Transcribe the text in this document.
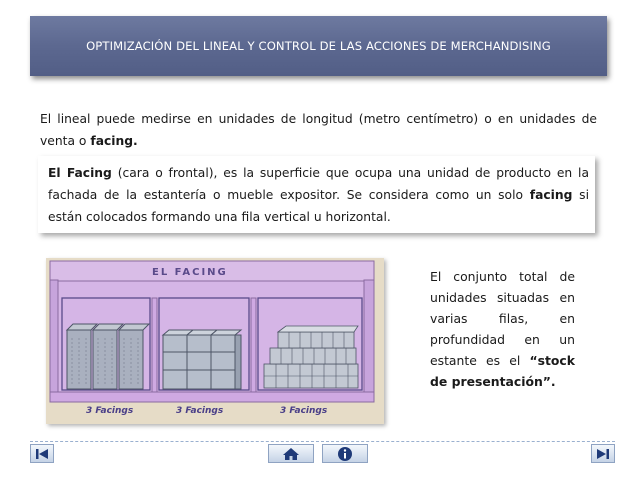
OPTIMIZACIÓN DEL LINEAL Y CONTROL DE LAS ACCIONES DE MERCHANDISING

El lineal puede medirse en unidades de longitud (metro centímetro) o en unidades de venta o facing.

El Facing (cara o frontal), es la superficie que ocupa una unidad de producto en la fachada de la estantería o mueble expositor. Se considera como un solo facing si están colocados formando una fila vertical u horizontal.

EL FACING
3 Facings	3 Facings	3 Facings

El conjunto total de unidades situadas en varias filas, en profundidad en un estante es el “stock de presentación”.
